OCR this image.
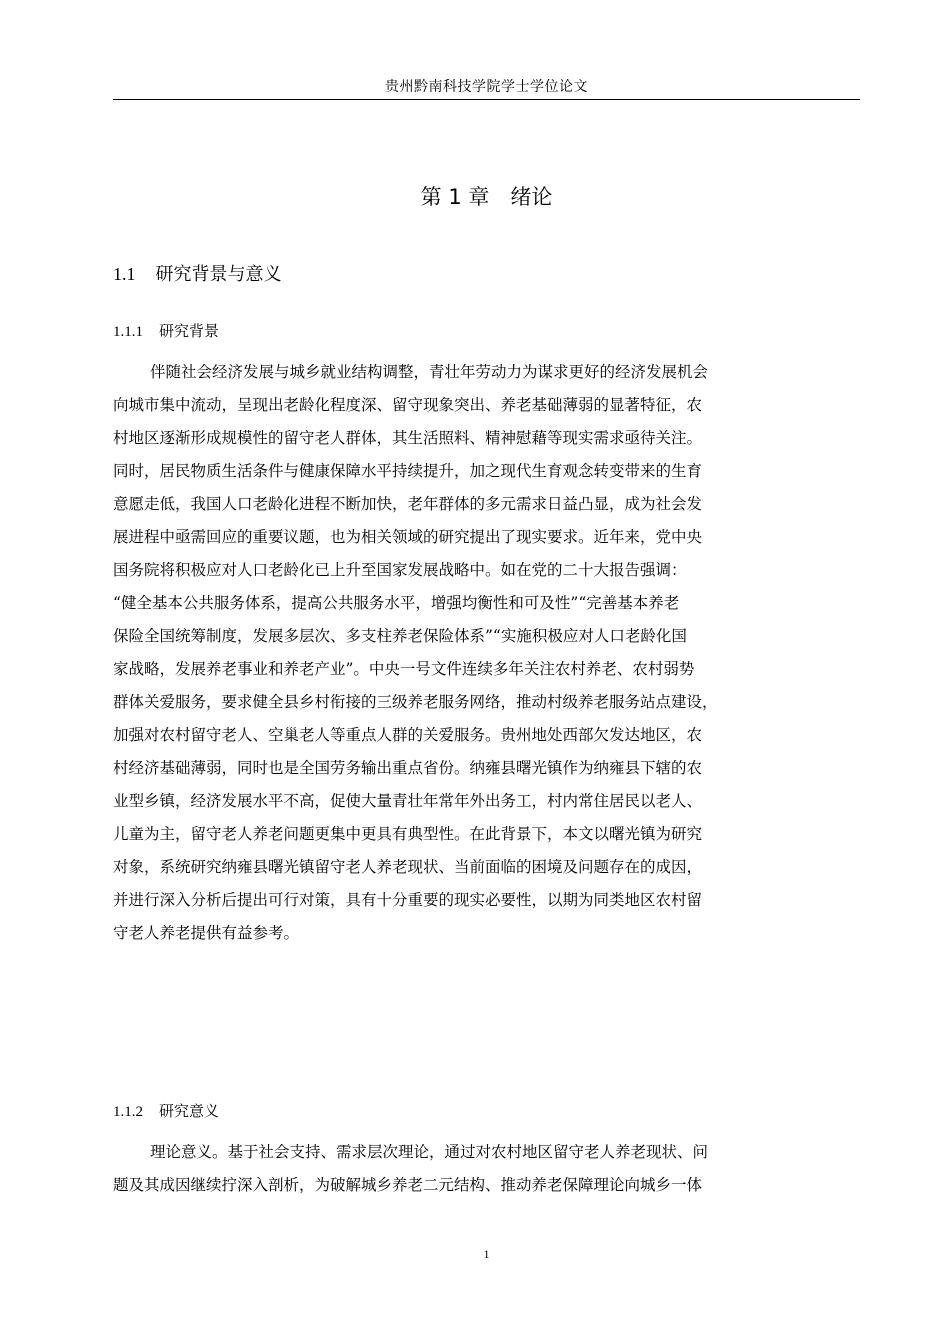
贵州黔南科技学院学士学位论文
第 1 章　绪论
1.1 研究背景与意义
1.1.1 研究背景
伴随社会经济发展与城乡就业结构调整，青壮年劳动力为谋求更好的经济发展机会
向城市集中流动，呈现出老龄化程度深、留守现象突出、养老基础薄弱的显著特征，农
村地区逐渐形成规模性的留守老人群体，其生活照料、精神慰藉等现实需求亟待关注。
同时，居民物质生活条件与健康保障水平持续提升，加之现代生育观念转变带来的生育
意愿走低，我国人口老龄化进程不断加快，老年群体的多元需求日益凸显，成为社会发
展进程中亟需回应的重要议题，也为相关领域的研究提出了现实要求。近年来，党中央
国务院将积极应对人口老龄化已上升至国家发展战略中。如在党的二十大报告强调：
“健全基本公共服务体系，提高公共服务水平，增强均衡性和可及性”“完善基本养老
保险全国统筹制度，发展多层次、多支柱养老保险体系”“实施积极应对人口老龄化国
家战略，发展养老事业和养老产业”。中央一号文件连续多年关注农村养老、农村弱势
群体关爱服务，要求健全县乡村衔接的三级养老服务网络，推动村级养老服务站点建设，
加强对农村留守老人、空巢老人等重点人群的关爱服务。贵州地处西部欠发达地区，农
村经济基础薄弱，同时也是全国劳务输出重点省份。纳雍县曙光镇作为纳雍县下辖的农
业型乡镇，经济发展水平不高，促使大量青壮年常年外出务工，村内常住居民以老人、
儿童为主，留守老人养老问题更集中更具有典型性。在此背景下，本文以曙光镇为研究
对象，系统研究纳雍县曙光镇留守老人养老现状、当前面临的困境及问题存在的成因，
并进行深入分析后提出可行对策，具有十分重要的现实必要性，以期为同类地区农村留
守老人养老提供有益参考。
1.1.2 研究意义
理论意义。基于社会支持、需求层次理论，通过对农村地区留守老人养老现状、问
题及其成因继续拧深入剖析，为破解城乡养老二元结构、推动养老保障理论向城乡一体
1
